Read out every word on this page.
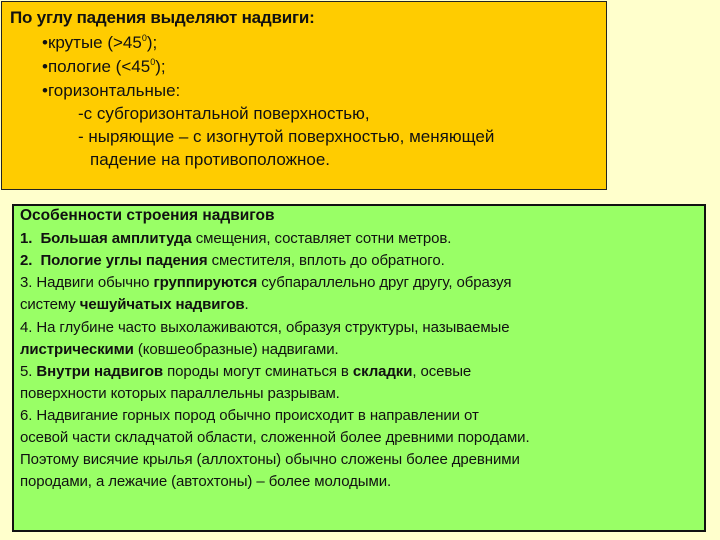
По углу падения выделяют надвиги:
•крутые $(>45^0)$;
•пологие $(<45^0)$;
•горизонтальные:
-с субгоризонтальной поверхностью,
- ныряющие – с изогнутой поверхностью, меняющей
падение на противоположное.
Особенности строения надвигов
1. Большая амплитуда смещения, составляет сотни метров.
2. Пологие углы падения сместителя, вплоть до обратного.
3. Надвиги обычно группируются субпараллельно друг другу, образуя
систему чешуйчатых надвигов.
4. На глубине часто выхолаживаются, образуя структуры, называемые
листрическими (ковшеобразные) надвигами.
5. Внутри надвигов породы могут сминаться в складки, осевые
поверхности которых параллельны разрывам.
6. Надвигание горных пород обычно происходит в направлении от
осевой части складчатой области, сложенной более древними породами.
Поэтому висячие крылья (аллохтоны) обычно сложены более древними
породами, а лежачие (автохтоны) – более молодыми.
